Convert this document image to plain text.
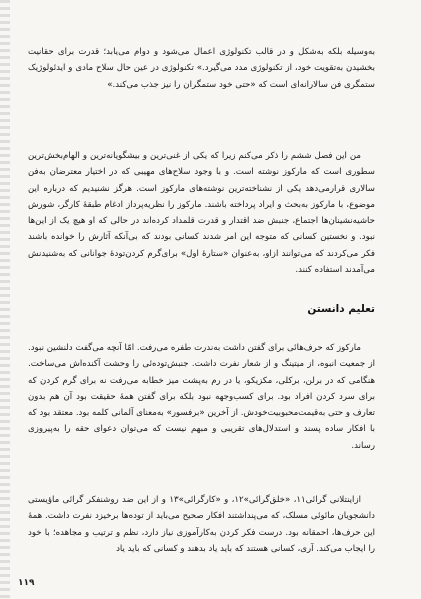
به‌وسیله بلکه به‌شکل و در قالب تکنولوژی اعمال می‌شود و دوام می‌یابد؛ قدرت برای حقانیت بخشیدن به‌تقویت خود، از تکنولوژی مدد می‌گیرد.» تکنولوژی در عین حال سلاح مادی و ایدئولوژیک ستمگری فن سالارانه‌ای است که «حتی خود ستمگران را نیز جذب می‌کند.»

من این فصل ششم را ذکر می‌کنم زیرا که یکی از غنی‌ترین و بیشگویانه‌ترین و الهام‌بخش‌ترین سطوری است که مارکوز نوشته است. و با وجود سلاح‌های مهیبی که در اختیار معترضان به‌فن سالاری قرارمی‌دهد یکی از نشناخته‌ترین نوشته‌های مارکوز است. هرگز نشنیدیم که درباره این موضوع، با مارکوز به‌بحث و ایراد پرداخته باشند. مارکوز را نظریه‌پرداز ادغام طبقهٔ کارگر، شورش حاشیه‌نشینان‌ها اجتماع، جنبش ضد اقتدار و قدرت قلمداد کرده‌اند در حالی که او هیچ یک از این‌ها نبود. و نخستین کسانی که متوجه این امر شدند کسانی بودند که بی‌آنکه آثارش را خوانده باشند فکر می‌کردند که می‌توانند ازاو، به‌عنوان «ستارهٔ اول» برای‌گرم کردن‌تودهٔ جوانانی که به‌شنیدنش می‌آمدند استفاده کنند.

تعلیم دانستن

مارکوز که حرف‌هائی برای گفتن داشت به‌ندرت طفره می‌رفت. امّا آنچه می‌گفت دلنشین نبود. از جمعیت انبوه، از میتینگ و از شعار نفرت داشت. جنبش‌توده‌ئی را وحشت آکنده‌اش می‌ساخت. هنگامی که در برلن، برکلی، مکزیکو، یا در رم به‌پشت میز خطابه می‌رفت نه برای گرم کردن که برای سرد کردن افراد بود. برای کسب‌وجهه نبود بلکه برای گفتن همهٔ حقیقت بود آن هم بدون تعارف و حتی به‌قیمت‌محبوبیت‌خودش. از آخرین «برفسور» به‌معنای آلمانی کلمه بود. معتقد بود که با افکار ساده‌ پسند و استدلال‌های تقریبی و مبهم نیست که می‌توان دعوای حقه را به‌پیروزی رساند.

ازاینتلانی گرائی۱۱، «خلق‌گرائی»۱۲، و «کارگرائی»۱۳ و از این ضد روشنفکر گرائی ماؤیستی دانشجویان مائوئی مسلک، که می‌پنداشتند افکار صحیح می‌باید از توده‌ها برخیزد نفرت داشت. همهٔ این حرف‌ها، احمقانه بود. درست فکر کردن به‌کارآموزی نیاز دارد، نظم و ترتیب و مجاهده؛ با خود را ایجاب می‌کند. آری، کسانی هستند که باید یاد بدهند و کسانی که باید یاد

۱۱۹
